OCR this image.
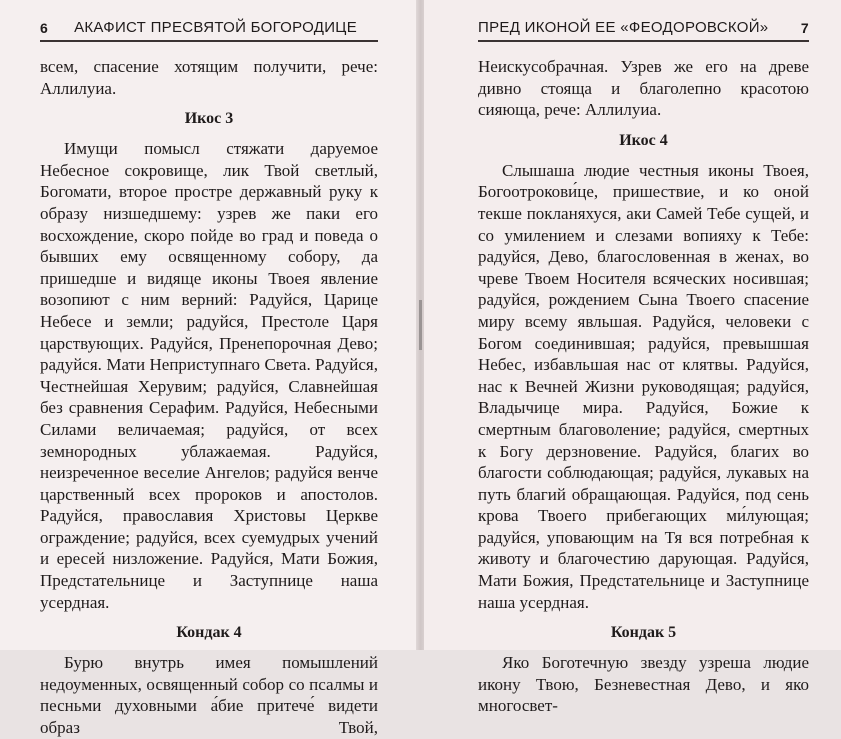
6 АКАФИСТ ПРЕСВЯТОЙ БОГОРОДИЦЕ

всем, спасение хотящим получити, рече: Аллилуиа.

Икос 3

Имущи помысл стяжати даруемое Небесное сокровище, лик Твой светлый, Богомати, второе простре державный руку к образу низшедшему: узрев же паки его восхождение, скоро пойде во град и поведа о бывших ему освященному собору, да пришедше и видяще иконы Твоея явление возопиют с ним верний: Радуйся, Царице Небесе и земли; радуйся, Престоле Царя царствующих. Радуйся, Пренепорочная Дево; радуйся. Мати Неприступнаго Света. Радуйся, Честнейшая Херувим; радуйся, Славнейшая без сравнения Серафим. Радуйся, Небесными Силами величаемая; радуйся, от всех земнородных ублажаемая. Радуйся, неизреченное веселие Ангелов; радуйся венче царственный всех пророков и апостолов. Радуйся, православия Христовы Церкве ограждение; радуйся, всех суемудрых учений и ересей низложение. Радуйся, Мати Божия, Предстательнице и Заступнице наша усердная.

Кондак 4

Бурю внутрь имея помышлений недоуменных, освященный собор со псалмы и песньми духовными а́бие притече́ видети образ Твой,

ПРЕД ИКОНОЙ ЕЕ «ФЕОДОРОВСКОЙ» 7

Неискусобрачная. Узрев же его на древе дивно стояща и благолепно красотою сияюща, рече: Аллилуиа.

Икос 4

Слышаша людие честныя иконы Твоея, Богоотрокови́це, пришествие, и ко оной текше покланяхуся, аки Самей Тебе сущей, и со умилением и слезами вопияху к Тебе: радуйся, Дево, благословенная в женах, во чреве Твоем Носителя всяческих носившая; радуйся, рождением Сына Твоего спасение миру всему явльшая. Радуйся, человеки с Богом соединившая; радуйся, превышшая Небес, избавльшая нас от клятвы. Радуйся, нас к Вечней Жизни руководящая; радуйся, Владычице мира. Радуйся, Божие к смертным благоволение; радуйся, смертных к Богу дерзновение. Радуйся, благих во благости соблюдающая; радуйся, лукавых на путь благий обращающая. Радуйся, под сень крова Твоего прибегающих ми́лующая; радуйся, уповающим на Тя вся потребная к животу и благочестию дарующая. Радуйся, Мати Божия, Предстательнице и Заступнице наша усердная.

Кондак 5

Яко Боготечную звезду узреша людие икону Твою, Безневестная Дево, и яко многосвет-
